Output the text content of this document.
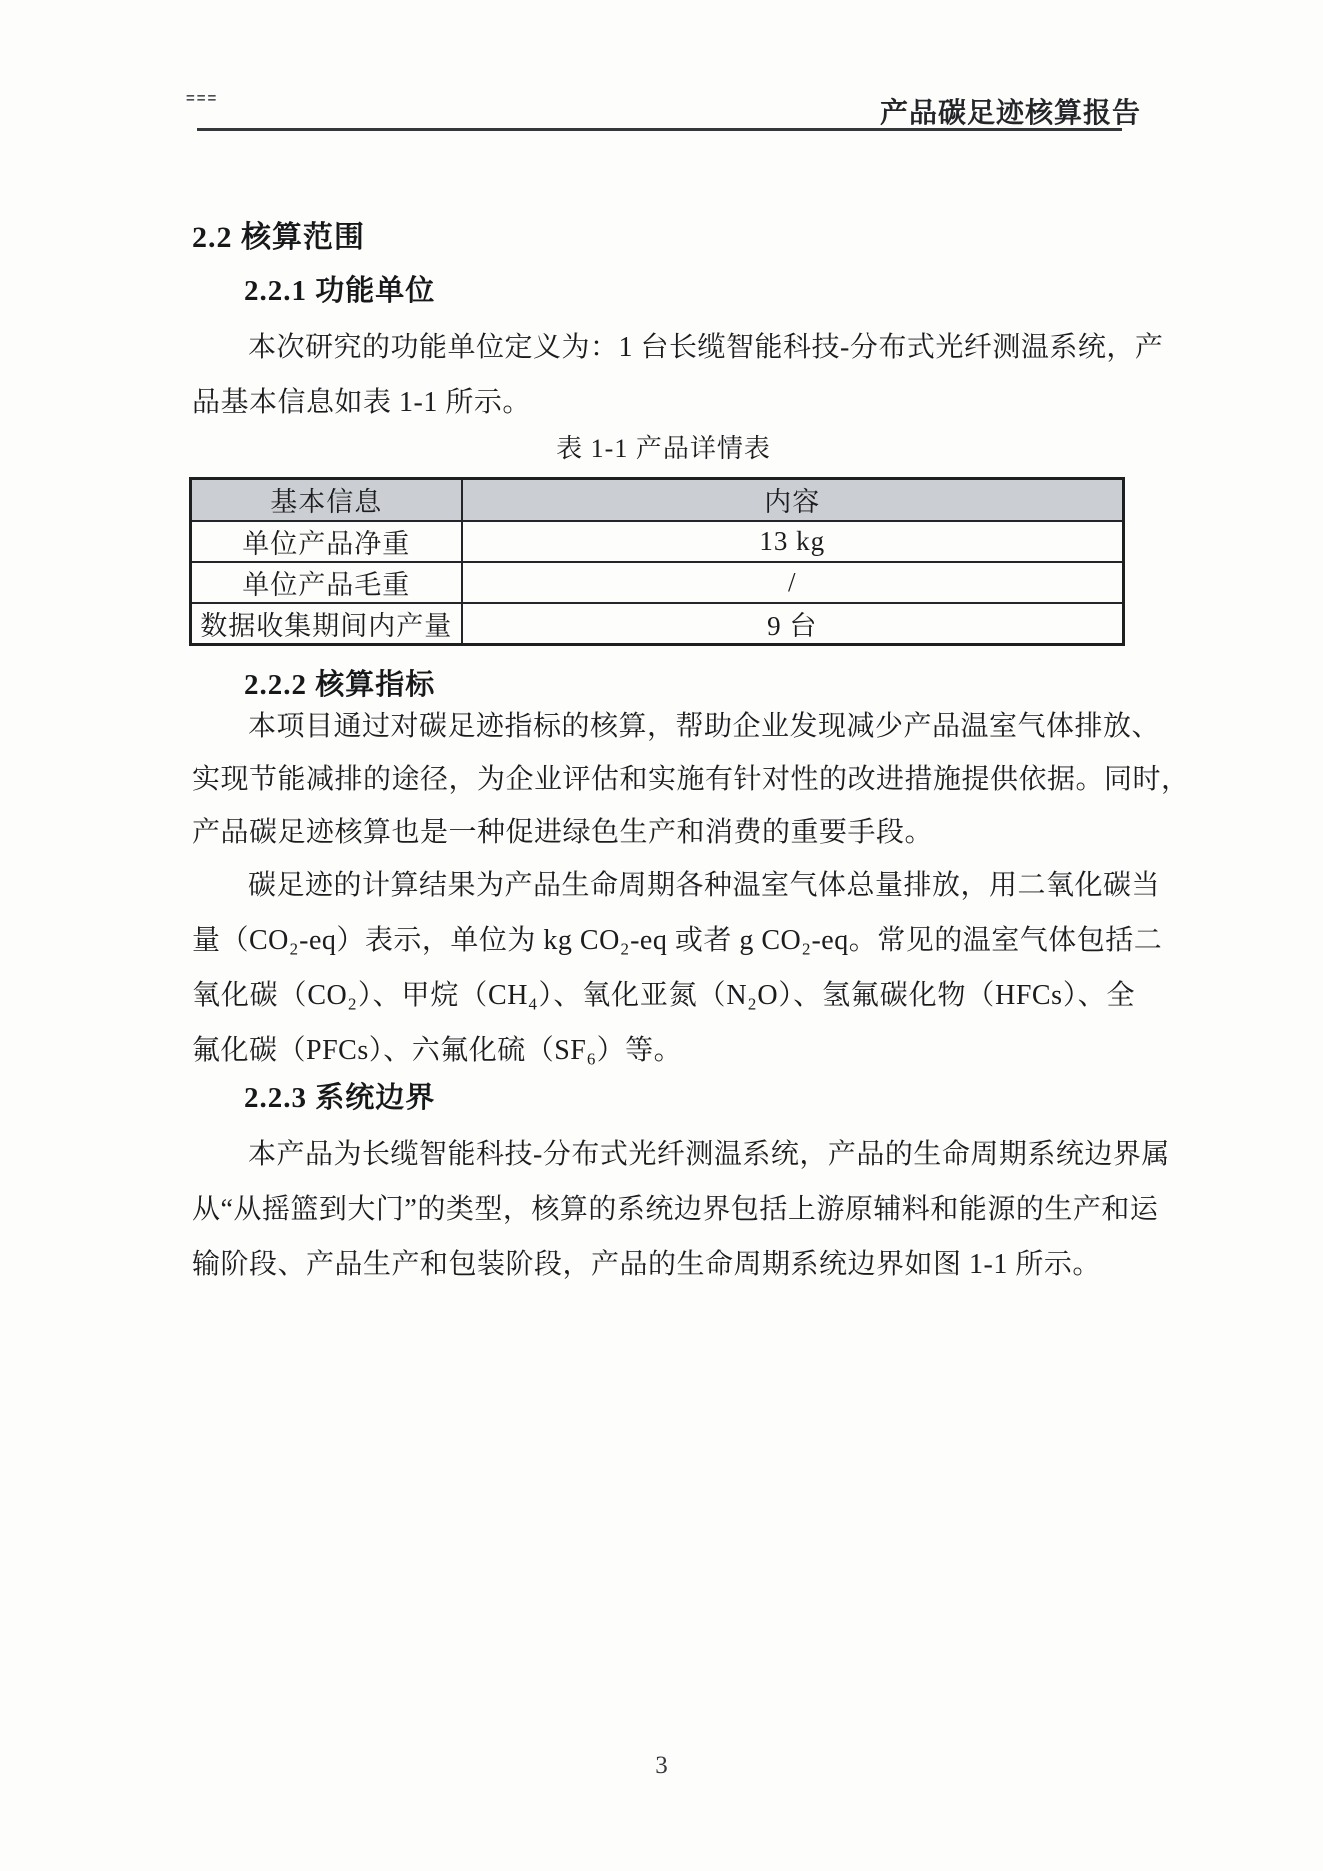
===	产品碳足迹核算报告
2.2 核算范围
2.2.1 功能单位
本次研究的功能单位定义为：1 台长缆智能科技-分布式光纤测温系统，产
品基本信息如表 1-1 所示。
表 1-1 产品详情表
基本信息	内容
单位产品净重	13 kg
单位产品毛重	/
数据收集期间内产量	9 台
2.2.2 核算指标
本项目通过对碳足迹指标的核算，帮助企业发现减少产品温室气体排放、
实现节能减排的途径，为企业评估和实施有针对性的改进措施提供依据。同时，
产品碳足迹核算也是一种促进绿色生产和消费的重要手段。
碳足迹的计算结果为产品生命周期各种温室气体总量排放，用二氧化碳当
量（CO₂-eq）表示，单位为 kg CO₂-eq 或者 g CO₂-eq。常见的温室气体包括二
氧化碳（CO₂）、甲烷（CH₄）、氧化亚氮（N₂O）、氢氟碳化物（HFCs）、全
氟化碳（PFCs）、六氟化硫（SF₆）等。
2.2.3 系统边界
本产品为长缆智能科技-分布式光纤测温系统，产品的生命周期系统边界属
从“从摇篮到大门”的类型，核算的系统边界包括上游原辅料和能源的生产和运
输阶段、产品生产和包装阶段，产品的生命周期系统边界如图 1-1 所示。
3
